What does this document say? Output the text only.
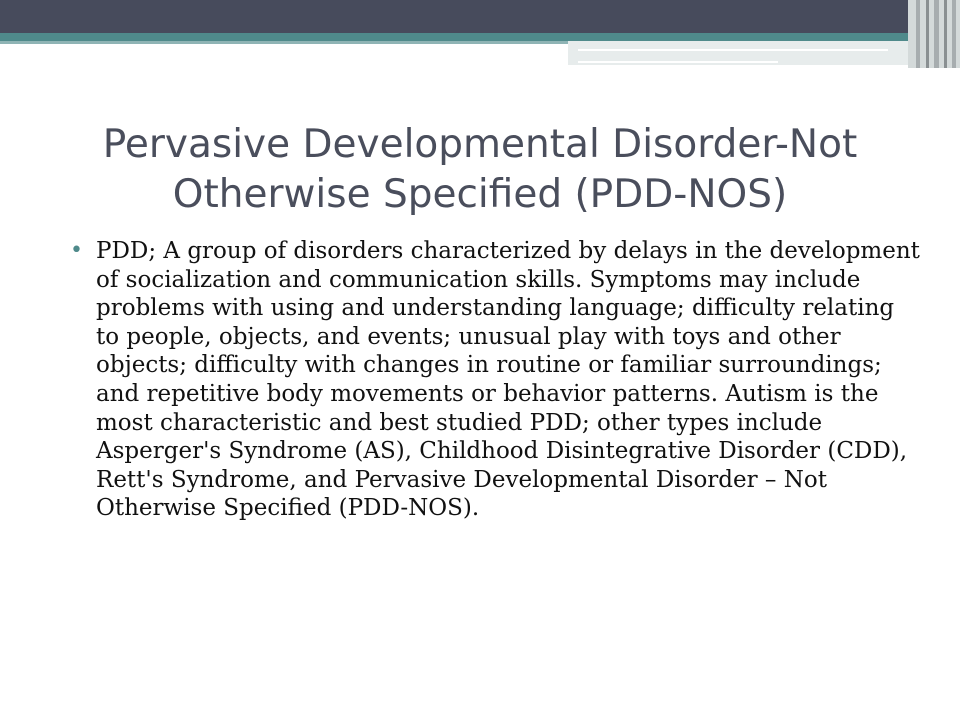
Pervasive Developmental Disorder-Not Otherwise Specified (PDD-NOS)
• PDD; A group of disorders characterized by delays in the development of socialization and communication skills. Symptoms may include problems with using and understanding language; difficulty relating to people, objects, and events; unusual play with toys and other objects; difficulty with changes in routine or familiar surroundings; and repetitive body movements or behavior patterns. Autism is the most characteristic and best studied PDD; other types include Asperger's Syndrome (AS), Childhood Disintegrative Disorder (CDD), Rett's Syndrome, and Pervasive Developmental Disorder – Not Otherwise Specified (PDD-NOS).
